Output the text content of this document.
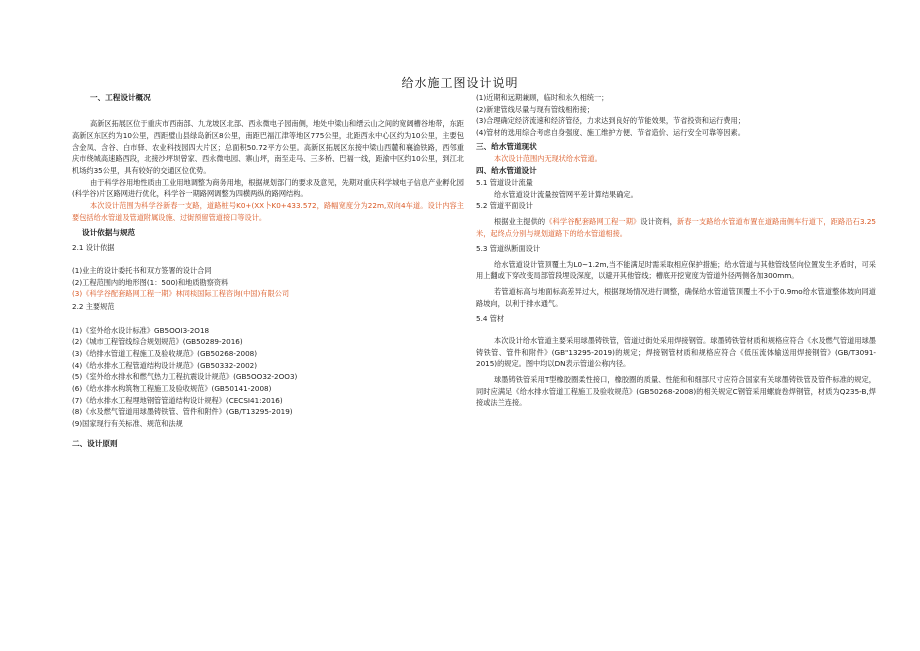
给水施工图设计说明
一、工程设计概况

高新区拓展区位于重庆市西南部、九龙坡区北部、西永微电子园南侧，地处中梁山和缙云山之间的宽阔槽谷地带，东距高新区东区约为10公里，西距璧山县绿岛新区8公里，南距巴福江津等地区775公里，北距西永中心区约为10公里，主要包含金凤、含谷、白市驿、农业科技园四大片区；总面积50.72平方公里。高新区拓展区东接中梁山西麓和襄渝铁路，西邻重庆市绕城高速路西段，北接沙坪坝曾家、西永微电园、寨山坪，南至走马、三多桥、巴福一线，距渝中区约10公里，到江北机场约35公里，具有较好的交通区位优势。

由于科学谷用地性质由工业用地调整为商务用地，根据规划部门的要求及意见，先期对重庆科学城电子信息产业孵化园(科学谷)片区路网进行优化，科学谷一期路网调整为四横两纵的路网结构。

本次设计范围为科学谷新春一支路，道路桩号K0+(XX卜K0+433.572，路幅宽度分为22m,双向4车道。设计内容主要包括给水管道及管道附属设施、过街预留管道接口等设计。

设计依据与规范
2.1 设计依据
(1)业主的设计委托书和双方签署的设计合同
(2)工程范围内的地形图(1：500)和地质勘察资料
(3)《科学谷配套路网工程一期》林同棪国际工程咨询(中国)有限公司
2.2 主要规范
(1)《室外给水设计标准》GB5OOI3-2O18
(2)《城市工程管线综合规划规范》(GB50289-2016)
(3)《给排水管道工程施工及验收规范》(GB50268-2008)
(4)《给水排水工程管道结构设计规范》(GB50332-2002)
(5)《室外给水排水和燃气热力工程抗震设计规范》(GB5OO32-2OO3)
(6)《给水排水构筑物工程施工及验收规范》(GB50141-2008)
(7)《给水排水工程埋地钢管管道结构设计规程》(CECSI41:2016)
(8)《水及燃气管道用球墨铸铁管、管件和附件》(GB/T13295-2019)
(9)国家现行有关标准、规范和法规
二、设计原则
(1)近期和远期兼顾，临时和永久相统一；
(2)新建管线尽量与现有管线相衔接；
(3)合理确定经济流速和经济管径，力求达到良好的节能效果，节省投资和运行费用；
(4)管材的选用综合考虑自身强度、施工维护方便、节省造价、运行安全可靠等因素。
三、给水管道现状
本次设计范围内无现状给水管道。
四、给水管道设计
5.1 管道设计流量
给水管道设计流量按管网平差计算结果确定。
5.2 管道平面设计

根据业主提供的《科学谷配套路网工程一期》设计资料，新春一支路给水管道布置在道路南侧车行道下，距路沿石3.25米，起终点分别与规划道路下的给水管道相接。

5.3 管道纵断面设计

给水管道设计管顶覆土为L0~1.2m,当不能满足时需采取相应保护措施；给水管道与其他管线竖向位置发生矛盾时，可采用上翻或下穿改变局部管段埋设深度，以避开其他管线；槽底开挖宽度为管道外径两侧各加300mm。

若管道标高与地面标高差异过大，根据现场情况进行调整，确保给水管道管顶覆土不小于0.9mo给水管道整体坡向同道路坡向，以利于排水通气。

5.4 管材

本次设计给水管道主要采用球墨铸铁管，管道过街处采用焊接钢管。球墨铸铁管材质和规格应符合《水及燃气管道用球墨铸铁管、管件和附件》(GB"13295-2019)的规定；焊接钢管材质和规格应符合《低压流体输送用焊接钢管》(GB/T3091-2015)的规定。图中均以DN表示管道公称内径。

球墨铸铁管采用T型橡胶圈柔性接口，橡胶圈的质量、性能和和细部尺寸应符合国家有关球墨铸铁管及管件标准的规定，同时应满足《给水排水管道工程施工及验收规范》(GB50268-2008)的相关规定C钢管采用螺旋卷焊钢管，材质为Q235-B,焊接或法兰连接。
